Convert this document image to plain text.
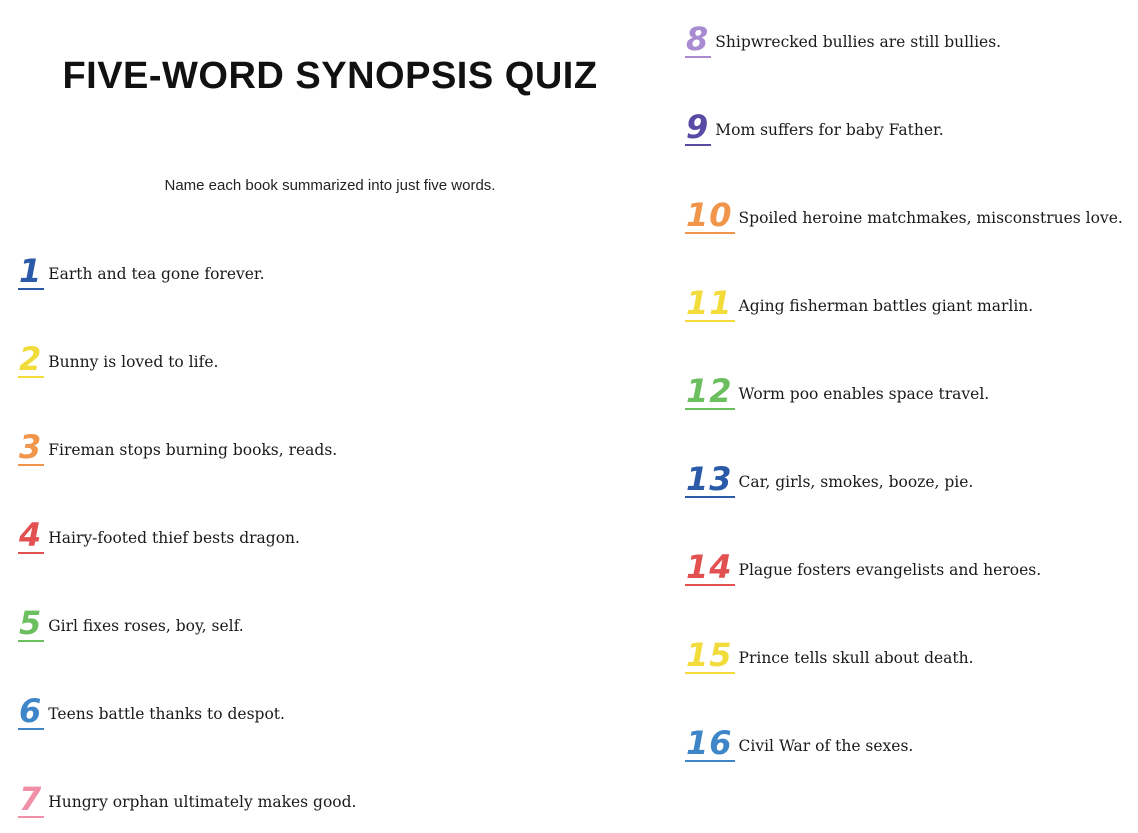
FIVE-WORD SYNOPSIS QUIZ

Name each book summarized into just five words.

1 Earth and tea gone forever.
2 Bunny is loved to life.
3 Fireman stops burning books, reads.
4 Hairy-footed thief bests dragon.
5 Girl fixes roses, boy, self.
6 Teens battle thanks to despot.
7 Hungry orphan ultimately makes good.
8 Shipwrecked bullies are still bullies.
9 Mom suffers for baby Father.
10 Spoiled heroine matchmakes, misconstrues love.
11 Aging fisherman battles giant marlin.
12 Worm poo enables space travel.
13 Car, girls, smokes, booze, pie.
14 Plague fosters evangelists and heroes.
15 Prince tells skull about death.
16 Civil War of the sexes.
